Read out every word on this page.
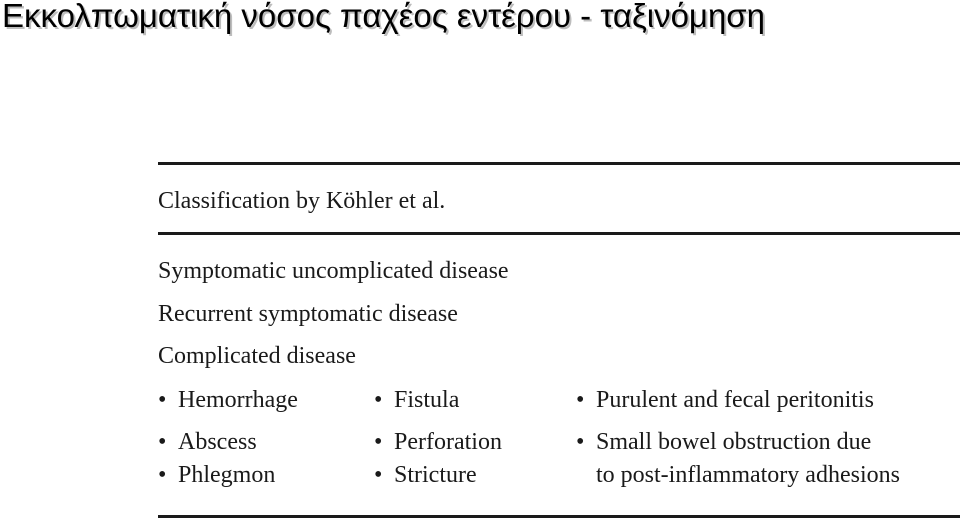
Εκκολπωματική νόσος παχέος εντέρου - ταξινόμηση
Classification by Köhler et al.
Symptomatic uncomplicated disease
Recurrent symptomatic disease
Complicated disease
• Hemorrhage
• Abscess
• Phlegmon
• Fistula
• Perforation
• Stricture
• Purulent and fecal peritonitis
• Small bowel obstruction due
to post-inflammatory adhesions
